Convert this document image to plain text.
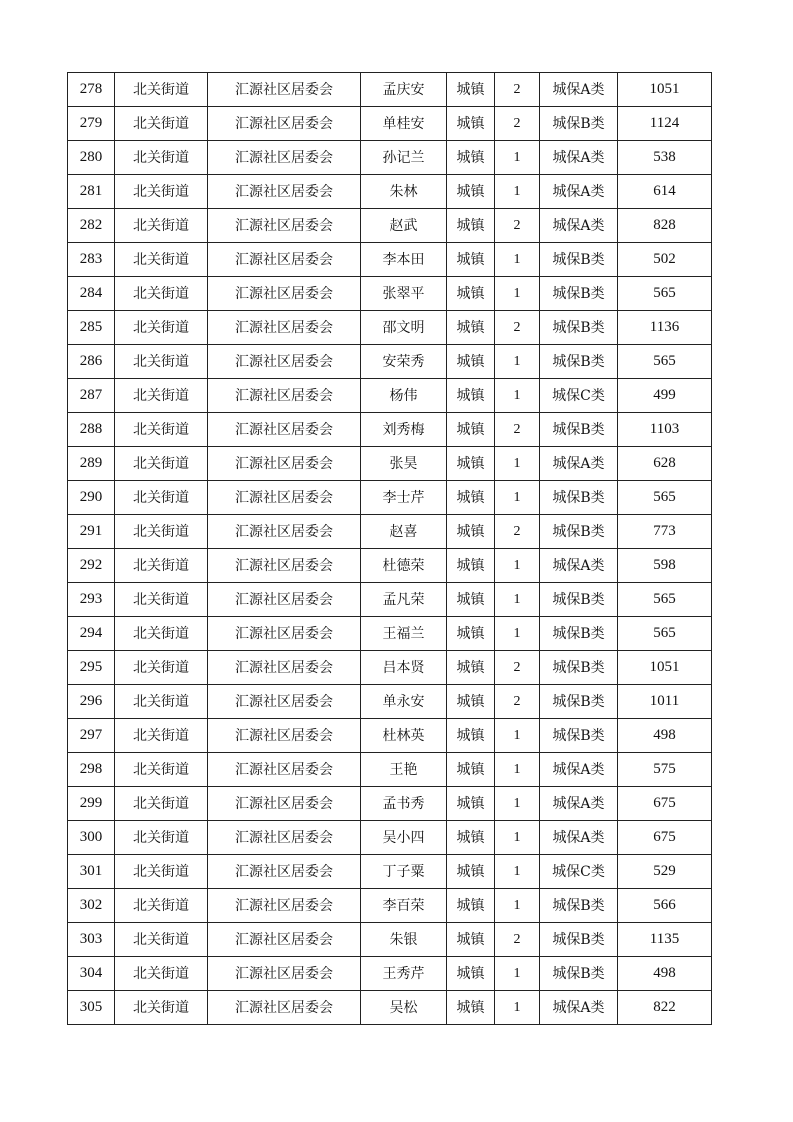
278	北关街道	汇源社区居委会	孟庆安	城镇	2	城保A类	1051
279	北关街道	汇源社区居委会	单桂安	城镇	2	城保B类	1124
280	北关街道	汇源社区居委会	孙记兰	城镇	1	城保A类	538
281	北关街道	汇源社区居委会	朱林	城镇	1	城保A类	614
282	北关街道	汇源社区居委会	赵武	城镇	2	城保A类	828
283	北关街道	汇源社区居委会	李本田	城镇	1	城保B类	502
284	北关街道	汇源社区居委会	张翠平	城镇	1	城保B类	565
285	北关街道	汇源社区居委会	邵文明	城镇	2	城保B类	1136
286	北关街道	汇源社区居委会	安荣秀	城镇	1	城保B类	565
287	北关街道	汇源社区居委会	杨伟	城镇	1	城保C类	499
288	北关街道	汇源社区居委会	刘秀梅	城镇	2	城保B类	1103
289	北关街道	汇源社区居委会	张昊	城镇	1	城保A类	628
290	北关街道	汇源社区居委会	李士芹	城镇	1	城保B类	565
291	北关街道	汇源社区居委会	赵喜	城镇	2	城保B类	773
292	北关街道	汇源社区居委会	杜德荣	城镇	1	城保A类	598
293	北关街道	汇源社区居委会	孟凡荣	城镇	1	城保B类	565
294	北关街道	汇源社区居委会	王福兰	城镇	1	城保B类	565
295	北关街道	汇源社区居委会	吕本贤	城镇	2	城保B类	1051
296	北关街道	汇源社区居委会	单永安	城镇	2	城保B类	1011
297	北关街道	汇源社区居委会	杜林英	城镇	1	城保B类	498
298	北关街道	汇源社区居委会	王艳	城镇	1	城保A类	575
299	北关街道	汇源社区居委会	孟书秀	城镇	1	城保A类	675
300	北关街道	汇源社区居委会	吴小四	城镇	1	城保A类	675
301	北关街道	汇源社区居委会	丁子粟	城镇	1	城保C类	529
302	北关街道	汇源社区居委会	李百荣	城镇	1	城保B类	566
303	北关街道	汇源社区居委会	朱银	城镇	2	城保B类	1135
304	北关街道	汇源社区居委会	王秀芹	城镇	1	城保B类	498
305	北关街道	汇源社区居委会	吴松	城镇	1	城保A类	822
